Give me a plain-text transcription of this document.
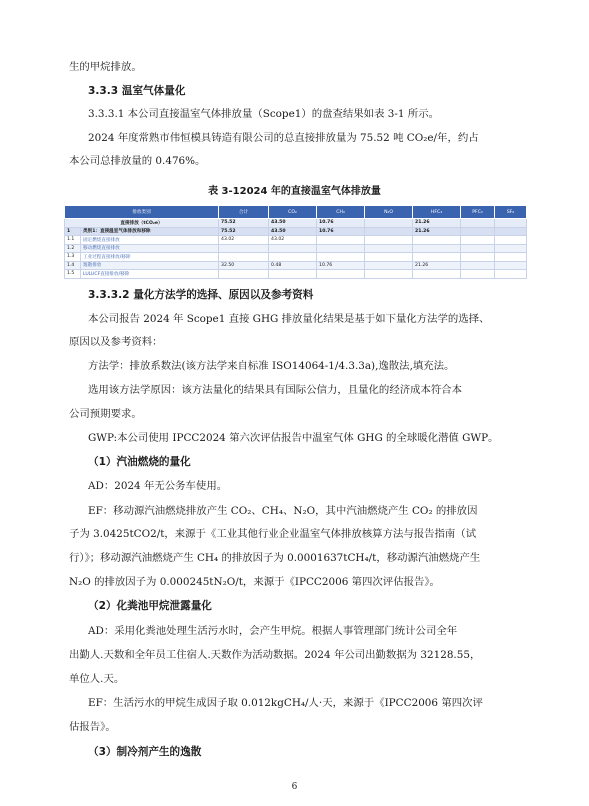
生的甲烷排放。
3.3.3 温室气体量化
3.3.3.1 本公司直接温室气体排放量（Scope1）的盘查结果如表 3-1 所示。
2024 年度常熟市伟恒模具铸造有限公司的总直接排放量为 75.52 吨 CO₂e/年，约占
本公司总排放量的 0.476%。
表 3-12024 年的直接温室气体排放量
排放类别		合计	CO₂	CH₄	N₂O	HFC₃	PFC₃	SF₆
直接排放（tCO₂e）		75.52	43.50	10.76		21.26		
1	类别1：直接温室气体排放和移除	75.52	43.50	10.76		21.26		
1.1	固定燃烧直接排放	43.02	43.02					
1.2	移动燃烧直接排放							
1.3	工业过程直接排放/移除							
1.4	逸散排放	32.50	0.48	10.76		21.26		
1.5	LULUCF直接排放/移除							
3.3.3.2 量化方法学的选择、原因以及参考资料
本公司报告 2024 年 Scope1 直接 GHG 排放量化结果是基于如下量化方法学的选择、
原因以及参考资料：
方法学：排放系数法(该方法学来自标准 ISO14064-1/4.3.3a),逸散法,填充法。
选用该方法学原因：该方法量化的结果具有国际公信力，且量化的经济成本符合本
公司预期要求。
GWP:本公司使用 IPCC2024 第六次评估报告中温室气体 GHG 的全球暖化潜值 GWP。
（1）汽油燃烧的量化
AD：2024 年无公务车使用。
EF：移动源汽油燃烧排放产生 CO₂、CH₄、N₂O，其中汽油燃烧产生 CO₂ 的排放因
子为 3.0425tCO2/t，来源于《工业其他行业企业温室气体排放核算方法与报告指南（试
行）》；移动源汽油燃烧产生 CH₄ 的排放因子为 0.0001637tCH₄/t，移动源汽油燃烧产生
N₂O 的排放因子为 0.000245tN₂O/t，来源于《IPCC2006 第四次评估报告》。
（2）化粪池甲烷泄露量化
AD：采用化粪池处理生活污水时，会产生甲烷。根据人事管理部门统计公司全年
出勤人.天数和全年员工住宿人.天数作为活动数据。2024 年公司出勤数据为 32128.55，
单位人.天。
EF：生活污水的甲烷生成因子取 0.012kgCH₄/人·天，来源于《IPCC2006 第四次评
估报告》。
（3）制冷剂产生的逸散
6
